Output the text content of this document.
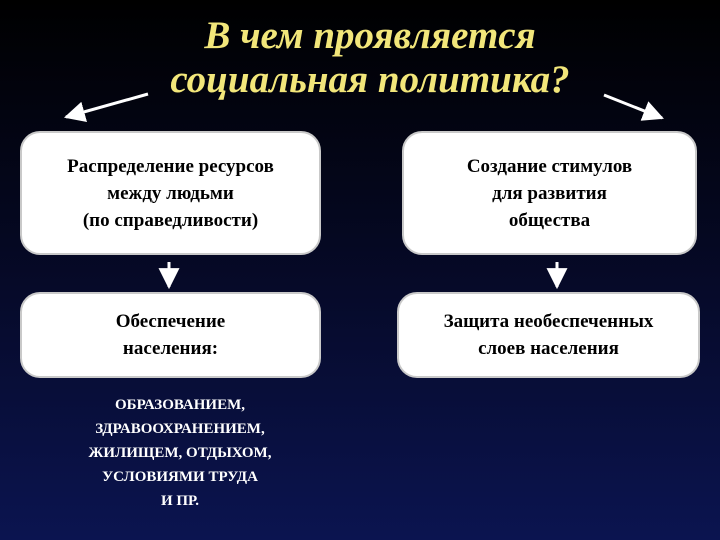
В чем проявляется
социальная политика?
Распределение ресурсов
между людьми
(по справедливости)
Создание стимулов
для развития
общества
Обеспечение
населения:
Защита необеспеченных
слоев населения
ОБРАЗОВАНИЕМ,
ЗДРАВООХРАНЕНИЕМ,
ЖИЛИЩЕМ, ОТДЫХОМ,
УСЛОВИЯМИ ТРУДА
И ПР.
